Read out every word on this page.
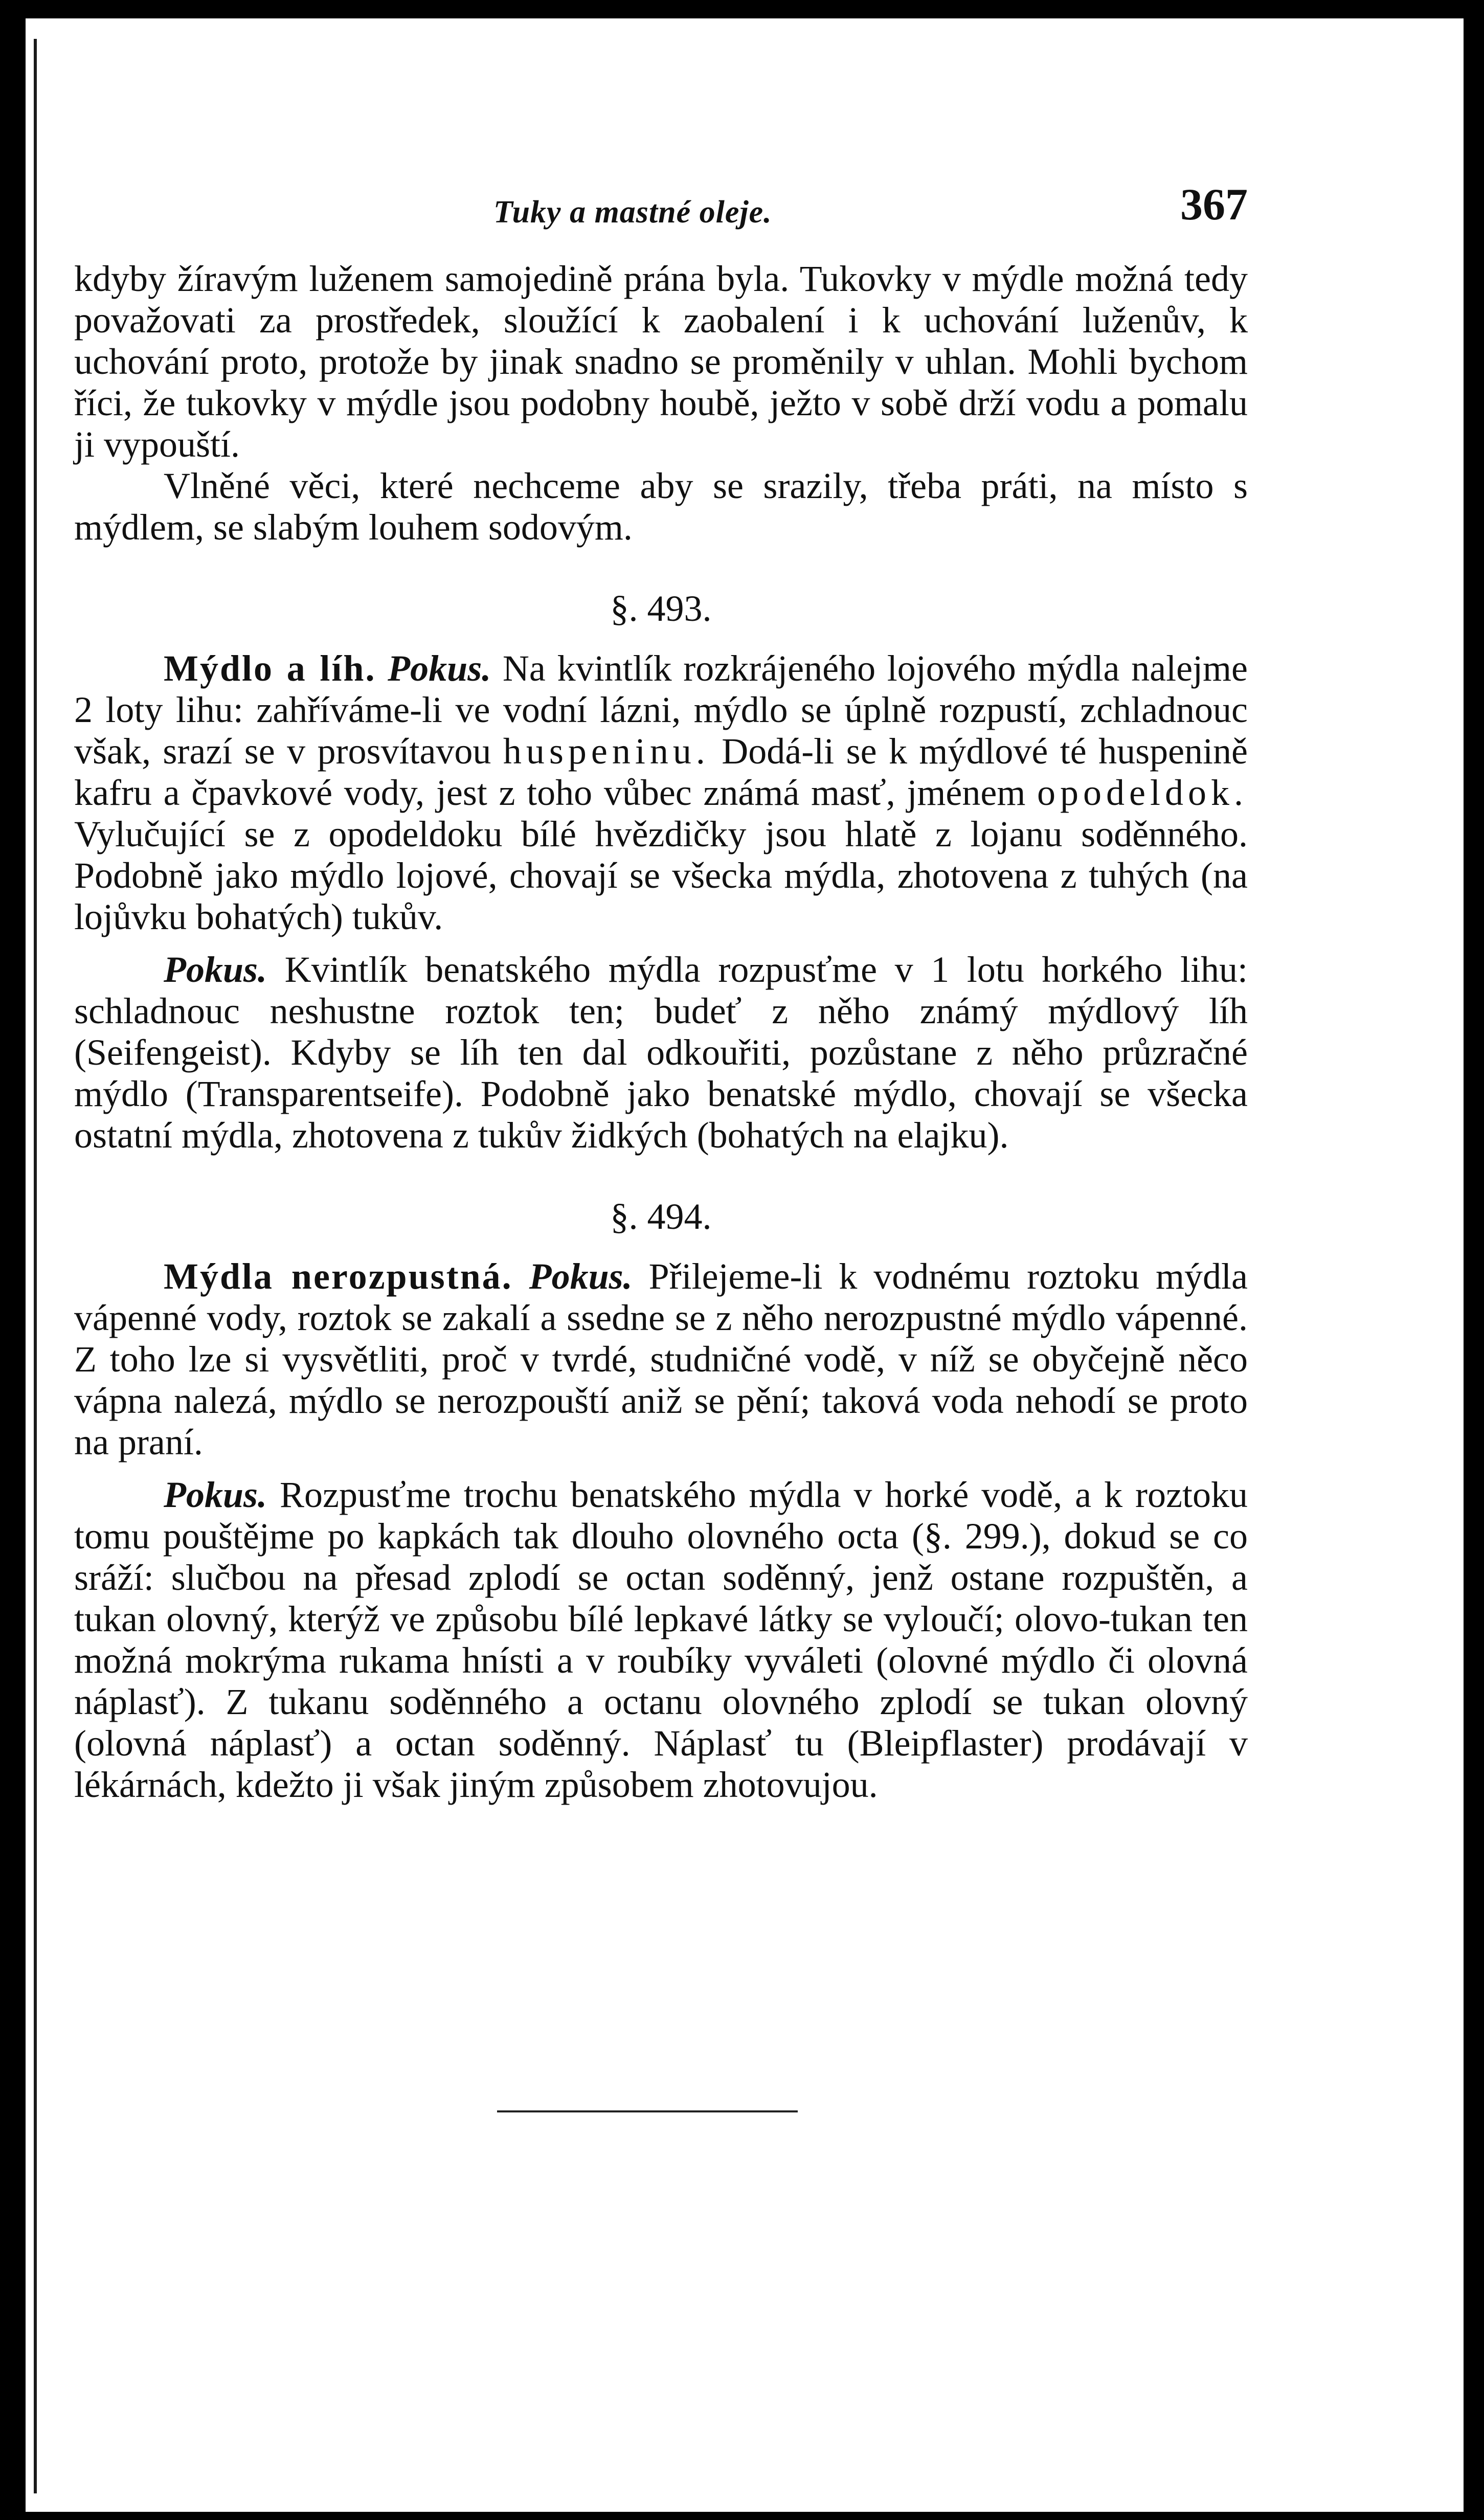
Tuky a mastné oleje.	367

kdyby žíravým luženem samojedině prána byla. Tukovky v mýdle možná tedy považovati za prostředek, sloužící k zaobalení i k uchování luženův, k uchování proto, protože by jinak snadno se proměnily v uhlan. Mohli bychom říci, že tukovky v mýdle jsou podobny houbě, ježto v sobě drží vodu a pomalu ji vypouští.

Vlněné věci, které nechceme aby se srazily, třeba práti, na místo s mýdlem, se slabým louhem sodovým.

§. 493.

Mýdlo a líh. Pokus. Na kvintlík rozkrájeného lojového mýdla nalejme 2 loty lihu: zahříváme-li ve vodní lázni, mýdlo se úplně rozpustí, zchladnouc však, srazí se v prosvítavou huspeninu. Dodá-li se k mýdlové té huspenině kafru a čpavkové vody, jest z toho vůbec známá masť, jménem opodeldok. Vylučující se z opodeldoku bílé hvězdičky jsou hlatě z lojanu soděnného. Podobně jako mýdlo lojové, chovají se všecka mýdla, zhotovena z tuhých (na lojůvku bohatých) tukův.

Pokus. Kvintlík benatského mýdla rozpusťme v 1 lotu horkého lihu: schladnouc neshustne roztok ten; budeť z něho známý mýdlový líh (Seifengeist). Kdyby se líh ten dal odkouřiti, pozůstane z něho průzračné mýdlo (Transparentseife). Podobně jako benatské mýdlo, chovají se všecka ostatní mýdla, zhotovena z tukův židkých (bohatých na elajku).

§. 494.

Mýdla nerozpustná. Pokus. Přilejeme-li k vodnému roztoku mýdla vápenné vody, roztok se zakalí a ssedne se z něho nerozpustné mýdlo vápenné. Z toho lze si vysvětliti, proč v tvrdé, studničné vodě, v níž se obyčejně něco vápna nalezá, mýdlo se nerozpouští aniž se pění; taková voda nehodí se proto na praní.

Pokus. Rozpusťme trochu benatského mýdla v horké vodě, a k roztoku tomu pouštějme po kapkách tak dlouho olovného octa (§. 299.), dokud se co sráží: slučbou na přesad zplodí se octan soděnný, jenž ostane rozpuštěn, a tukan olovný, kterýž ve způsobu bílé lepkavé látky se vyloučí; olovo-tukan ten možná mokrýma rukama hnísti a v roubíky vyváleti (olovné mýdlo či olovná náplasť). Z tukanu soděnného a octanu olovného zplodí se tukan olovný (olovná náplasť) a octan soděnný. Náplasť tu (Bleipflaster) prodávají v lékárnách, kdežto ji však jiným způsobem zhotovujou.
